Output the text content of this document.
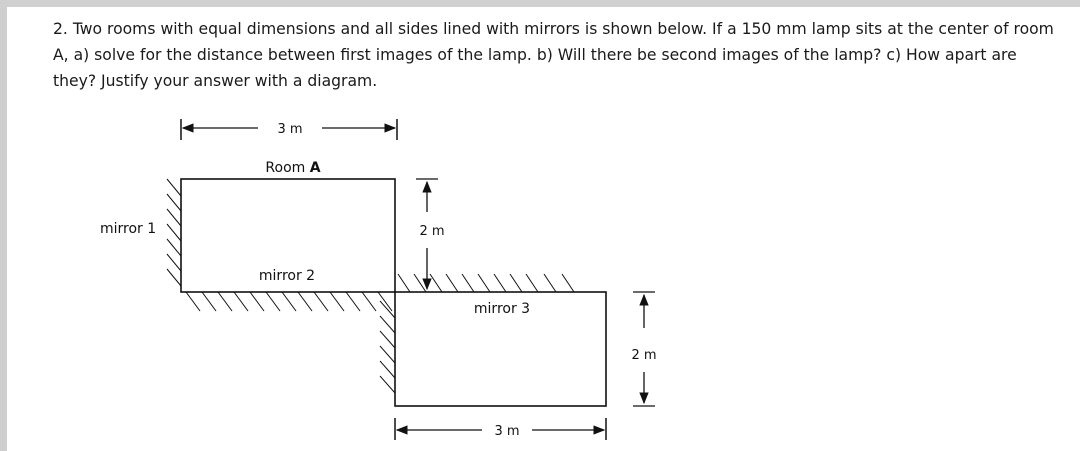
2. Two rooms with equal dimensions and all sides lined with mirrors is shown below. If a 150 mm lamp sits at the center of room A, a) solve for the distance between first images of the lamp. b) Will there be second images of the lamp? c) How apart are they? Justify your answer with a diagram.

3 m
Room A
mirror 1
mirror 2
mirror 3
2 m
2 m
3 m
